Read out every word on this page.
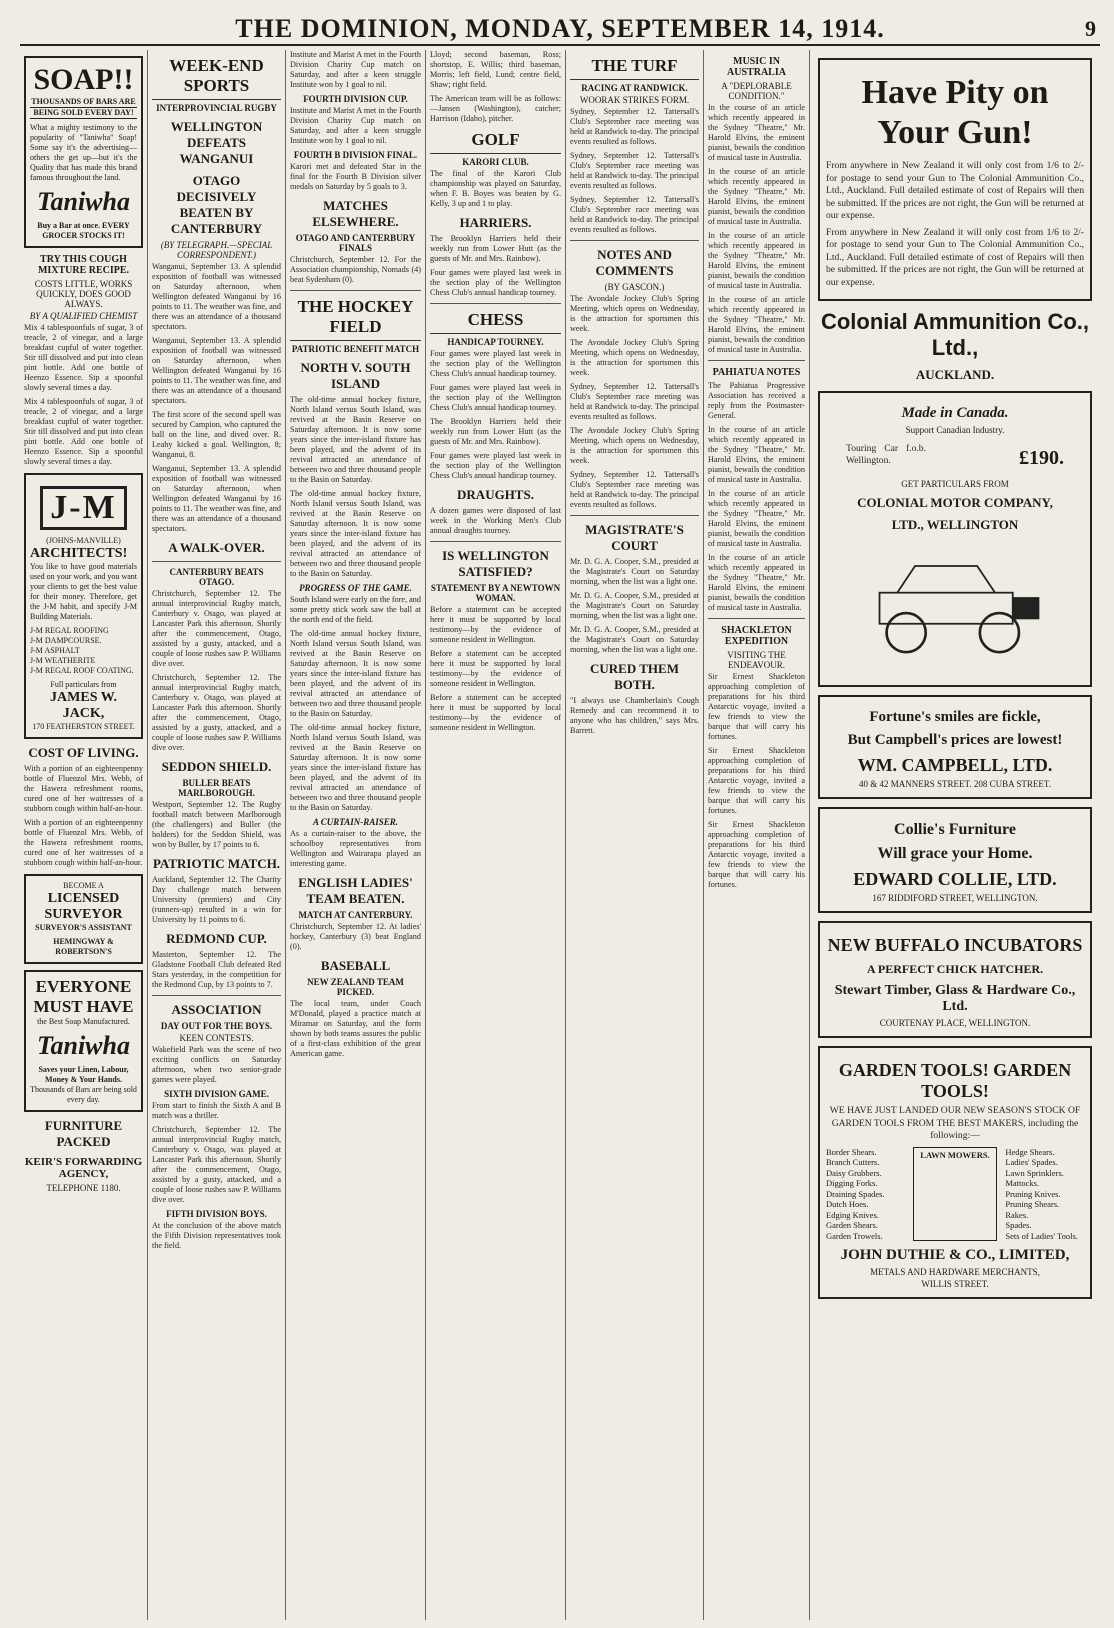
THE DOMINION, MONDAY, SEPTEMBER 14, 1914.	9
SOAP!!
THOUSANDS OF BARS ARE
BEING SOLD EVERY DAY!
What a mighty testimony to the popularity of "Taniwha" Soap! Some say it's the advertising—others the get up—but it's the Quality that has made this brand famous throughout the land.
Taniwha
Buy a Bar at once. EVERY GROCER STOCKS IT!
TRY THIS COUGH MIXTURE RECIPE.
COSTS LITTLE, WORKS QUICKLY, DOES GOOD ALWAYS.
BY A QUALIFIED CHEMIST
Mix 4 tablespoonfuls of sugar, 3 of treacle, 2 of vinegar, and a large breakfast cupful of water together. Stir till dissolved and put into clean pint bottle. Add one bottle of Heenzo Essence. Sip a spoonful slowly several times a day.
Mix 4 tablespoonfuls of sugar, 3 of treacle, 2 of vinegar, and a large breakfast cupful of water together. Stir till dissolved and put into clean pint bottle. Add one bottle of Heenzo Essence. Sip a spoonful slowly several times a day.
J-M
(JOHNS-MANVILLE)
ARCHITECTS!
You like to have good materials used on your work, and you want your clients to get the best value for their money. Therefore, get the J-M habit, and specify J-M Building Materials.
J-M REGAL ROOFING
J-M DAMPCOURSE.
J-M ASPHALT
J-M WEATHERITE
J-M REGAL ROOF COATING.
Full particulars from
JAMES W. JACK,
170 FEATHERSTON STREET.
COST OF LIVING.
With a portion of an eighteenpenny bottle of Fluenzol Mrs. Webb, of the Hawera refreshment rooms, cured one of her waitresses of a stubborn cough within half-an-hour.
With a portion of an eighteenpenny bottle of Fluenzol Mrs. Webb, of the Hawera refreshment rooms, cured one of her waitresses of a stubborn cough within half-an-hour.
BECOME A
LICENSED SURVEYOR
SURVEYOR'S ASSISTANT
HEMINGWAY & ROBERTSON'S
EVERYONE
MUST HAVE
the Best Soap Manufactured.
Taniwha
Saves your Linen, Labour, Money & Your Hands.
Thousands of Bars are being sold every day.
FURNITURE PACKED
KEIR'S FORWARDING AGENCY,
TELEPHONE 1180.
WEEK-END SPORTS
INTERPROVINCIAL RUGBY
WELLINGTON DEFEATS WANGANUI
OTAGO DECISIVELY BEATEN BY CANTERBURY
(BY TELEGRAPH.—SPECIAL CORRESPONDENT.)
Wanganui, September 13. A splendid exposition of football was witnessed on Saturday afternoon, when Wellington defeated Wanganui by 16 points to 11. The weather was fine, and there was an attendance of a thousand spectators.
Wanganui, September 13. A splendid exposition of football was witnessed on Saturday afternoon, when Wellington defeated Wanganui by 16 points to 11. The weather was fine, and there was an attendance of a thousand spectators.
The first score of the second spell was secured by Campion, who captured the ball on the line, and dived over. R. Leahy kicked a goal. Wellington, 8; Wanganui, 8.
Wanganui, September 13. A splendid exposition of football was witnessed on Saturday afternoon, when Wellington defeated Wanganui by 16 points to 11. The weather was fine, and there was an attendance of a thousand spectators.
A WALK-OVER.
CANTERBURY BEATS OTAGO.
Christchurch, September 12. The annual interprovincial Rugby match, Canterbury v. Otago, was played at Lancaster Park this afternoon. Shortly after the commencement, Otago, assisted by a gusty, attacked, and a couple of loose rushes saw P. Williams dive over.
Christchurch, September 12. The annual interprovincial Rugby match, Canterbury v. Otago, was played at Lancaster Park this afternoon. Shortly after the commencement, Otago, assisted by a gusty, attacked, and a couple of loose rushes saw P. Williams dive over.
SEDDON SHIELD.
BULLER BEATS MARLBOROUGH.
Westport, September 12. The Rugby football match between Marlborough (the challengers) and Buller (the holders) for the Seddon Shield, was won by Buller, by 17 points to 6.
PATRIOTIC MATCH.
Auckland, September 12. The Charity Day challenge match between University (premiers) and City (runners-up) resulted in a win for University by 11 points to 6.
REDMOND CUP.
Masterton, September 12. The Gladstone Football Club defeated Red Stars yesterday, in the competition for the Redmond Cup, by 13 points to 7.
ASSOCIATION
DAY OUT FOR THE BOYS.
KEEN CONTESTS.
Wakefield Park was the scene of two exciting conflicts on Saturday afternoon, when two senior-grade games were played.
SIXTH DIVISION GAME.
From start to finish the Sixth A and B match was a thriller.
Christchurch, September 12. The annual interprovincial Rugby match, Canterbury v. Otago, was played at Lancaster Park this afternoon. Shortly after the commencement, Otago, assisted by a gusty, attacked, and a couple of loose rushes saw P. Williams dive over.
FIFTH DIVISION BOYS.
At the conclusion of the above match the Fifth Division representatives took the field.
Institute and Marist A met in the Fourth Division Charity Cup match on Saturday, and after a keen struggle Institute won by 1 goal to nil.
FOURTH DIVISION CUP.
Institute and Marist A met in the Fourth Division Charity Cup match on Saturday, and after a keen struggle Institute won by 1 goal to nil.
FOURTH B DIVISION FINAL.
Karori met and defeated Star in the final for the Fourth B Division silver medals on Saturday by 5 goals to 3.
MATCHES ELSEWHERE.
OTAGO AND CANTERBURY FINALS
Christchurch, September 12. For the Association championship, Nomads (4) beat Sydenham (0).
THE HOCKEY FIELD
PATRIOTIC BENEFIT MATCH
NORTH V. SOUTH ISLAND
The old-time annual hockey fixture, North Island versus South Island, was revived at the Basin Reserve on Saturday afternoon. It is now some years since the inter-island fixture has been played, and the advent of its revival attracted an attendance of between two and three thousand people to the Basin on Saturday.
The old-time annual hockey fixture, North Island versus South Island, was revived at the Basin Reserve on Saturday afternoon. It is now some years since the inter-island fixture has been played, and the advent of its revival attracted an attendance of between two and three thousand people to the Basin on Saturday.
PROGRESS OF THE GAME.
South Island were early on the fore, and some pretty stick work saw the ball at the north end of the field.
The old-time annual hockey fixture, North Island versus South Island, was revived at the Basin Reserve on Saturday afternoon. It is now some years since the inter-island fixture has been played, and the advent of its revival attracted an attendance of between two and three thousand people to the Basin on Saturday.
The old-time annual hockey fixture, North Island versus South Island, was revived at the Basin Reserve on Saturday afternoon. It is now some years since the inter-island fixture has been played, and the advent of its revival attracted an attendance of between two and three thousand people to the Basin on Saturday.
A CURTAIN-RAISER.
As a curtain-raiser to the above, the schoolboy representatives from Wellington and Wairarapa played an interesting game.
ENGLISH LADIES' TEAM BEATEN.
MATCH AT CANTERBURY.
Christchurch, September 12. At ladies' hockey, Canterbury (3) beat England (0).
BASEBALL
NEW ZEALAND TEAM PICKED.
The local team, under Coach M'Donald, played a practice match at Miramar on Saturday, and the form shown by both teams assures the public of a first-class exhibition of the great American game.
Lloyd; second baseman, Ross; shortstop, E. Willis; third baseman, Morris; left field, Lund; centre field, Shaw; right field.
The American team will be as follows:—Jansen (Washington), catcher; Harrison (Idaho), pitcher.
GOLF
KARORI CLUB.
The final of the Karori Club championship was played on Saturday, when F. B. Boyes was beaten by G. Kelly, 3 up and 1 to play.
HARRIERS.
The Brooklyn Harriers held their weekly run from Lower Hutt (as the guests of Mr. and Mrs. Rainbow).
Four games were played last week in the section play of the Wellington Chess Club's annual handicap tourney.
CHESS
HANDICAP TOURNEY.
Four games were played last week in the section play of the Wellington Chess Club's annual handicap tourney.
Four games were played last week in the section play of the Wellington Chess Club's annual handicap tourney.
The Brooklyn Harriers held their weekly run from Lower Hutt (as the guests of Mr. and Mrs. Rainbow).
Four games were played last week in the section play of the Wellington Chess Club's annual handicap tourney.
DRAUGHTS.
A dozen games were disposed of last week in the Working Men's Club annual draughts tourney.
IS WELLINGTON SATISFIED?
STATEMENT BY A NEWTOWN WOMAN.
Before a statement can be accepted here it must be supported by local testimony—by the evidence of someone resident in Wellington.
Before a statement can be accepted here it must be supported by local testimony—by the evidence of someone resident in Wellington.
Before a statement can be accepted here it must be supported by local testimony—by the evidence of someone resident in Wellington.
THE TURF
RACING AT RANDWICK.
WOORAK STRIKES FORM.
Sydney, September 12. Tattersall's Club's September race meeting was held at Randwick to-day. The principal events resulted as follows.
Sydney, September 12. Tattersall's Club's September race meeting was held at Randwick to-day. The principal events resulted as follows.
Sydney, September 12. Tattersall's Club's September race meeting was held at Randwick to-day. The principal events resulted as follows.
NOTES AND COMMENTS
(BY GASCON.)
The Avondale Jockey Club's Spring Meeting, which opens on Wednesday, is the attraction for sportsmen this week.
The Avondale Jockey Club's Spring Meeting, which opens on Wednesday, is the attraction for sportsmen this week.
Sydney, September 12. Tattersall's Club's September race meeting was held at Randwick to-day. The principal events resulted as follows.
The Avondale Jockey Club's Spring Meeting, which opens on Wednesday, is the attraction for sportsmen this week.
Sydney, September 12. Tattersall's Club's September race meeting was held at Randwick to-day. The principal events resulted as follows.
MAGISTRATE'S COURT
Mr. D. G. A. Cooper, S.M., presided at the Magistrate's Court on Saturday morning, when the list was a light one.
Mr. D. G. A. Cooper, S.M., presided at the Magistrate's Court on Saturday morning, when the list was a light one.
Mr. D. G. A. Cooper, S.M., presided at the Magistrate's Court on Saturday morning, when the list was a light one.
CURED THEM BOTH.
"I always use Chamberlain's Cough Remedy and can recommend it to anyone who has children," says Mrs. Barrett.
MUSIC IN AUSTRALIA
A "DEPLORABLE CONDITION."
In the course of an article which recently appeared in the Sydney "Theatre," Mr. Harold Elvins, the eminent pianist, bewails the condition of musical taste in Australia.
In the course of an article which recently appeared in the Sydney "Theatre," Mr. Harold Elvins, the eminent pianist, bewails the condition of musical taste in Australia.
In the course of an article which recently appeared in the Sydney "Theatre," Mr. Harold Elvins, the eminent pianist, bewails the condition of musical taste in Australia.
In the course of an article which recently appeared in the Sydney "Theatre," Mr. Harold Elvins, the eminent pianist, bewails the condition of musical taste in Australia.
PAHIATUA NOTES
The Pahiatua Progressive Association has received a reply from the Postmaster-General.
In the course of an article which recently appeared in the Sydney "Theatre," Mr. Harold Elvins, the eminent pianist, bewails the condition of musical taste in Australia.
In the course of an article which recently appeared in the Sydney "Theatre," Mr. Harold Elvins, the eminent pianist, bewails the condition of musical taste in Australia.
In the course of an article which recently appeared in the Sydney "Theatre," Mr. Harold Elvins, the eminent pianist, bewails the condition of musical taste in Australia.
SHACKLETON EXPEDITION
VISITING THE ENDEAVOUR.
Sir Ernest Shackleton approaching completion of preparations for his third Antarctic voyage, invited a few friends to view the barque that will carry his fortunes.
Sir Ernest Shackleton approaching completion of preparations for his third Antarctic voyage, invited a few friends to view the barque that will carry his fortunes.
Sir Ernest Shackleton approaching completion of preparations for his third Antarctic voyage, invited a few friends to view the barque that will carry his fortunes.
Have Pity on
Your Gun!
From anywhere in New Zealand it will only cost from 1/6 to 2/- for postage to send your Gun to The Colonial Ammunition Co., Ltd., Auckland. Full detailed estimate of cost of Repairs will then be submitted. If the prices are not right, the Gun will be returned at our expense.
From anywhere in New Zealand it will only cost from 1/6 to 2/- for postage to send your Gun to The Colonial Ammunition Co., Ltd., Auckland. Full detailed estimate of cost of Repairs will then be submitted. If the prices are not right, the Gun will be returned at our expense.
Colonial Ammunition Co., Ltd.,
AUCKLAND.
Made in Canada.
Support Canadian Industry.
Touring Car f.o.b. Wellington.	£190.
GET PARTICULARS FROM
COLONIAL MOTOR COMPANY,
LTD., WELLINGTON
Fortune's smiles are fickle,
But Campbell's prices are lowest!
WM. CAMPBELL, LTD.
40 & 42 MANNERS STREET. 208 CUBA STREET.
Collie's Furniture
Will grace your Home.
EDWARD COLLIE, LTD.
167 RIDDIFORD STREET, WELLINGTON.
NEW BUFFALO INCUBATORS
A PERFECT CHICK HATCHER.
Stewart Timber, Glass & Hardware Co., Ltd.
COURTENAY PLACE, WELLINGTON.
GARDEN TOOLS! GARDEN TOOLS!
WE HAVE JUST LANDED OUR NEW SEASON'S STOCK OF GARDEN TOOLS FROM THE BEST MAKERS, including the following:—
Border Shears.
Branch Cutters.
Daisy Grubbers.
Digging Forks.
Draining Spades.
Dutch Hoes.
Edging Knives.
Garden Shears.
Garden Trowels.
LAWN MOWERS.	Hedge Shears.
Ladies' Spades.
Lawn Sprinklers.
Mattocks.
Pruning Knives.
Pruning Shears.
Rakes.
Spades.
Sets of Ladies' Tools.
JOHN DUTHIE & CO., LIMITED,
METALS AND HARDWARE MERCHANTS,
WILLIS STREET.
